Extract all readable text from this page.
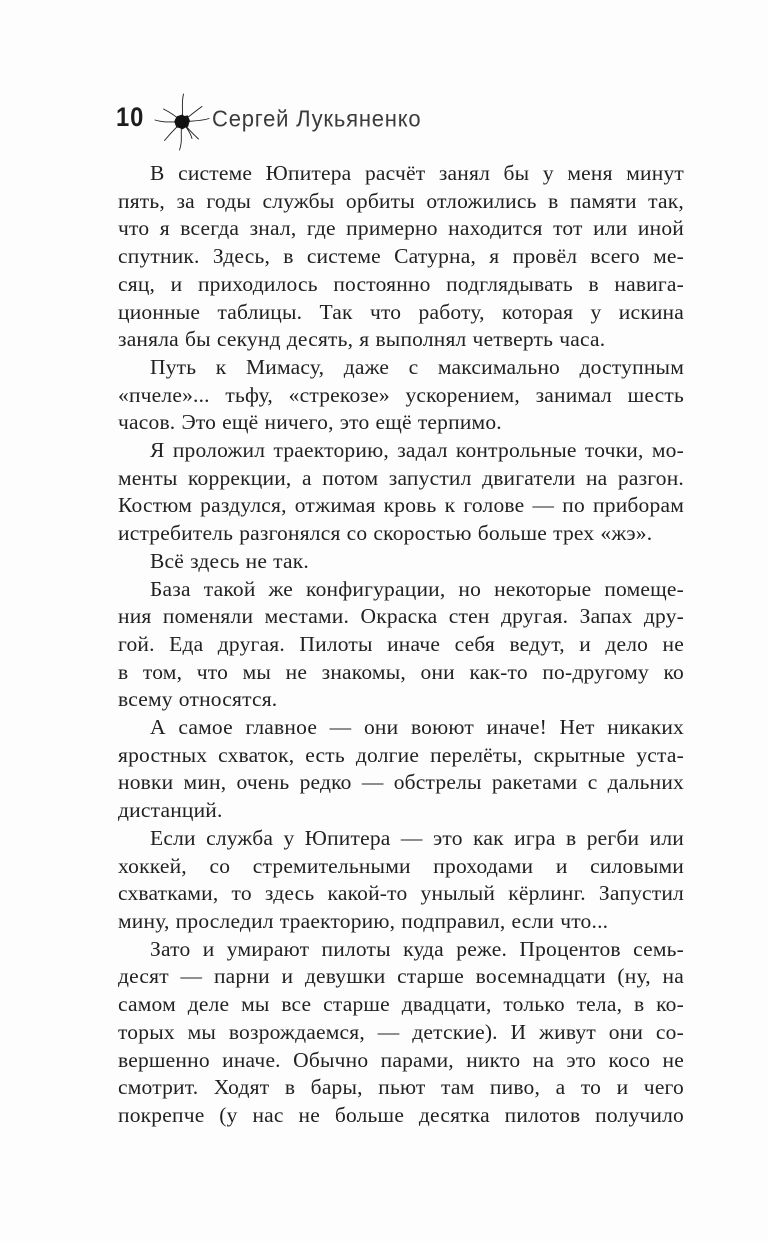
10	Сергей Лукьяненко
В системе Юпитера расчёт занял бы у меня минут
пять, за годы службы орбиты отложились в памяти так,
что я всегда знал, где примерно находится тот или иной
спутник. Здесь, в системе Сатурна, я провёл всего ме-
сяц, и приходилось постоянно подглядывать в навига-
ционные таблицы. Так что работу, которая у искина
заняла бы секунд десять, я выполнял четверть часа.
Путь к Мимасу, даже с максимально доступным
«пчеле»... тьфу, «стрекозе» ускорением, занимал шесть
часов. Это ещё ничего, это ещё терпимо.
Я проложил траекторию, задал контрольные точки, мо-
менты коррекции, а потом запустил двигатели на разгон.
Костюм раздулся, отжимая кровь к голове — по приборам
истребитель разгонялся со скоростью больше трех «жэ».
Всё здесь не так.
База такой же конфигурации, но некоторые помеще-
ния поменяли местами. Окраска стен другая. Запах дру-
гой. Еда другая. Пилоты иначе себя ведут, и дело не
в том, что мы не знакомы, они как-то по-другому ко
всему относятся.
А самое главное — они воюют иначе! Нет никаких
яростных схваток, есть долгие перелёты, скрытные уста-
новки мин, очень редко — обстрелы ракетами с дальних
дистанций.
Если служба у Юпитера — это как игра в регби или
хоккей, со стремительными проходами и силовыми
схватками, то здесь какой-то унылый кёрлинг. Запустил
мину, проследил траекторию, подправил, если что...
Зато и умирают пилоты куда реже. Процентов семь-
десят — парни и девушки старше восемнадцати (ну, на
самом деле мы все старше двадцати, только тела, в ко-
торых мы возрождаемся, — детские). И живут они со-
вершенно иначе. Обычно парами, никто на это косо не
смотрит. Ходят в бары, пьют там пиво, а то и чего
покрепче (у нас не больше десятка пилотов получило
